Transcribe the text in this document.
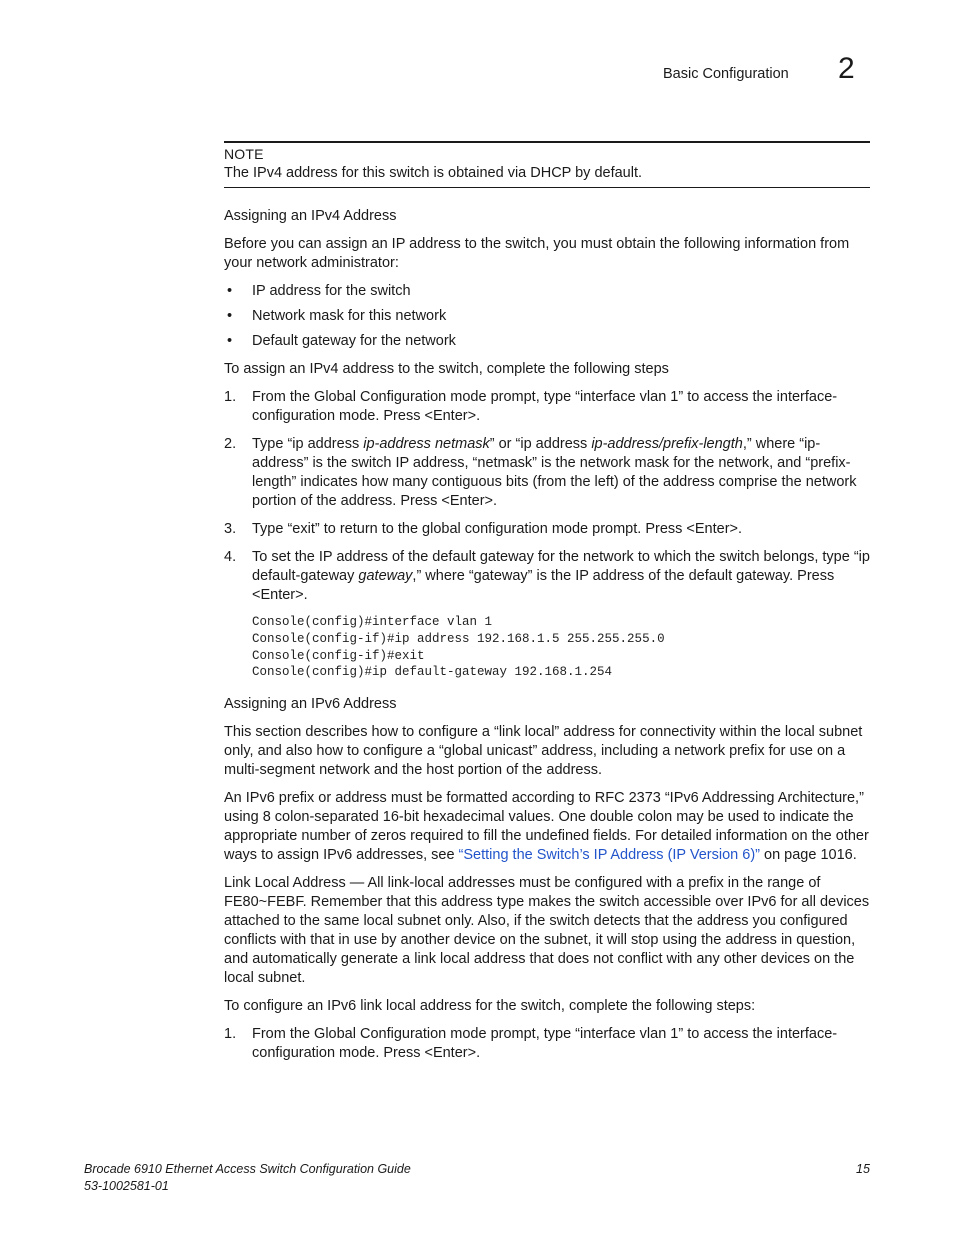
Basic Configuration 2
NOTE
The IPv4 address for this switch is obtained via DHCP by default.
Assigning an IPv4 Address

Before you can assign an IP address to the switch, you must obtain the following information from your network administrator:

• IP address for the switch
• Network mask for this network
• Default gateway for the network

To assign an IPv4 address to the switch, complete the following steps

1. From the Global Configuration mode prompt, type “interface vlan 1” to access the interface-configuration mode. Press <Enter>.
2. Type “ip address ip-address netmask” or “ip address ip-address/prefix-length,” where “ip-address” is the switch IP address, “netmask” is the network mask for the network, and “prefix-length” indicates how many contiguous bits (from the left) of the address comprise the network portion of the address. Press <Enter>.
3. Type “exit” to return to the global configuration mode prompt. Press <Enter>.
4. To set the IP address of the default gateway for the network to which the switch belongs, type “ip default-gateway gateway,” where “gateway” is the IP address of the default gateway. Press <Enter>.
Console(config)#interface vlan 1
Console(config-if)#ip address 192.168.1.5 255.255.255.0
Console(config-if)#exit
Console(config)#ip default-gateway 192.168.1.254
Assigning an IPv6 Address

This section describes how to configure a “link local” address for connectivity within the local subnet only, and also how to configure a “global unicast” address, including a network prefix for use on a multi-segment network and the host portion of the address.

An IPv6 prefix or address must be formatted according to RFC 2373 “IPv6 Addressing Architecture,” using 8 colon-separated 16-bit hexadecimal values. One double colon may be used to indicate the appropriate number of zeros required to fill the undefined fields. For detailed information on the other ways to assign IPv6 addresses, see “Setting the Switch’s IP Address (IP Version 6)” on page 1016.

Link Local Address — All link-local addresses must be configured with a prefix in the range of FE80~FEBF. Remember that this address type makes the switch accessible over IPv6 for all devices attached to the same local subnet only. Also, if the switch detects that the address you configured conflicts with that in use by another device on the subnet, it will stop using the address in question, and automatically generate a link local address that does not conflict with any other devices on the local subnet.

To configure an IPv6 link local address for the switch, complete the following steps:

1. From the Global Configuration mode prompt, type “interface vlan 1” to access the interface-configuration mode. Press <Enter>.
Brocade 6910 Ethernet Access Switch Configuration Guide
53-1002581-01
15
